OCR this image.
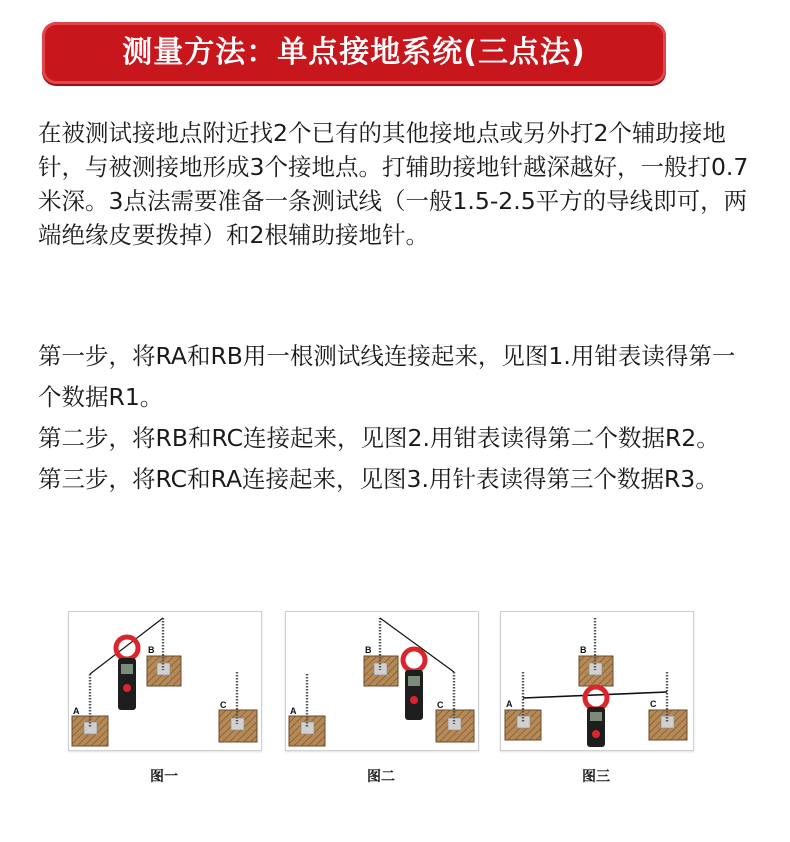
测量方法：单点接地系统(三点法)

在被测试接地点附近找2个已有的其他接地点或另外打2个辅助接地针，与被测接地形成3个接地点。打辅助接地针越深越好，一般打0.7米深。3点法需要准备一条测试线（一般1.5-2.5平方的导线即可，两端绝缘皮要拨掉）和2根辅助接地针。

第一步，将RA和RB用一根测试线连接起来，见图1.用钳表读得第一个数据R1。
第二步，将RB和RC连接起来，见图2.用钳表读得第二个数据R2。
第三步，将RC和RA连接起来，见图3.用针表读得第三个数据R3。

A
B
C
A
B
C	A
B
C
图一	图二	图三
